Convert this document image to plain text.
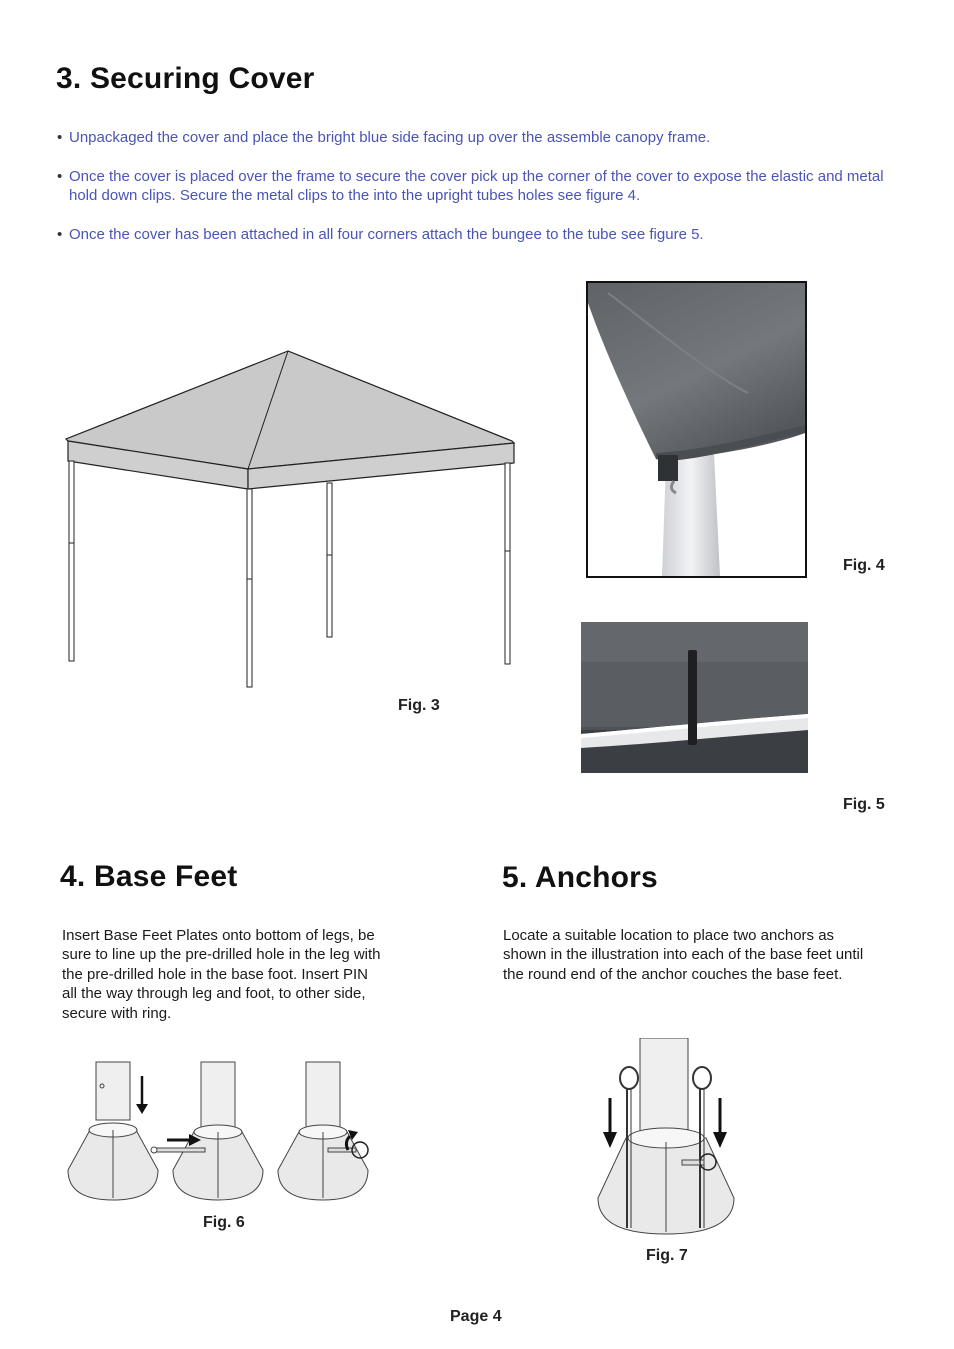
3. Securing Cover
• Unpackaged the cover and place the bright blue side facing up over the assemble canopy frame.
• Once the cover is placed over the frame to secure the cover pick up the corner of the cover to expose the elastic and metal hold down clips. Secure the metal clips to the into the upright tubes holes see figure 4.
• Once the cover has been attached in all four corners attach the bungee to the tube see figure 5.
Fig. 3
Fig. 4
Fig. 5
4. Base Feet
Insert Base Feet Plates onto bottom of legs, be sure to line up the pre-drilled hole in the leg with the pre-drilled hole in the base foot. Insert PIN all the way through leg and foot, to other side, secure with ring.
Fig. 6
5. Anchors
Locate a suitable location to place two anchors as shown in the illustration into each of the base feet until the round end of the anchor couches the base feet.
Fig. 7
Page 4
